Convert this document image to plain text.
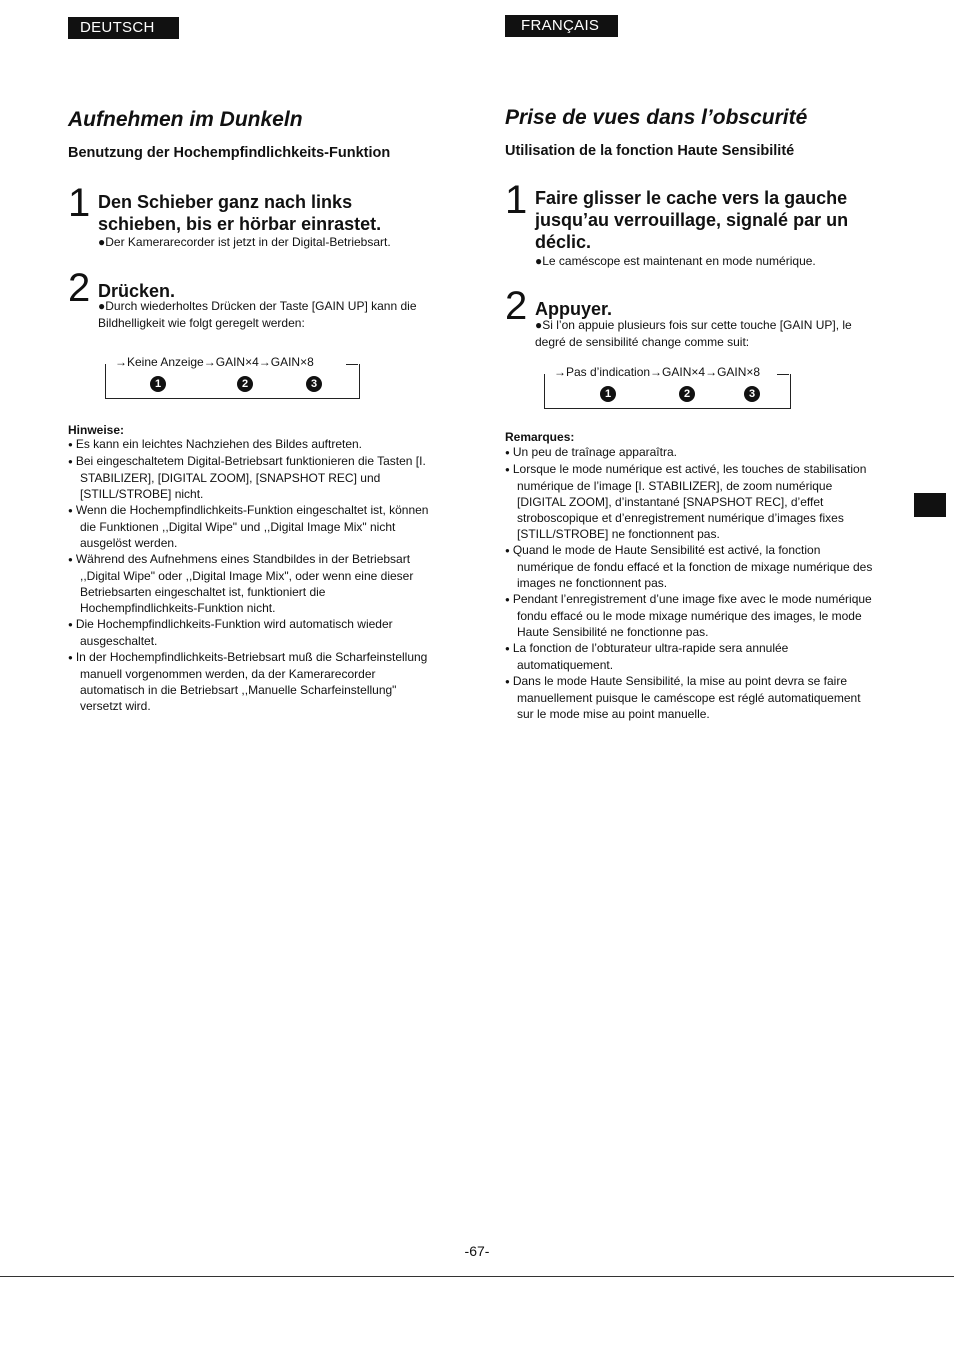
DEUTSCH
Aufnehmen im Dunkeln
Benutzung der Hochempfindlichkeits-Funktion
1 Den Schieber ganz nach links schieben, bis er hörbar einrastet.
●Der Kamerarecorder ist jetzt in der Digital-Betriebsart.
2 Drücken.
●Durch wiederholtes Drücken der Taste [GAIN UP] kann die Bildhelligkeit wie folgt geregelt werden:
→Keine Anzeige→GAIN×4→GAIN×8
1	2	3
Hinweise:
● Es kann ein leichtes Nachziehen des Bildes auftreten.
● Bei eingeschaltetem Digital-Betriebsart funktionieren die Tasten [I. STABILIZER], [DIGITAL ZOOM], [SNAPSHOT REC] und [STILL/STROBE] nicht.
● Wenn die Hochempfindlichkeits-Funktion eingeschaltet ist, können die Funktionen ,,Digital Wipe" und ,,Digital Image Mix" nicht ausgelöst werden.
● Während des Aufnehmens eines Standbildes in der Betriebsart ,,Digital Wipe" oder ,,Digital Image Mix", oder wenn eine dieser Betriebsarten eingeschaltet ist, funktioniert die Hochempfindlichkeits-Funktion nicht.
● Die Hochempfindlichkeits-Funktion wird automatisch wieder ausgeschaltet.
● In der Hochempfindlichkeits-Betriebsart muß die Scharfeinstellung manuell vorgenommen werden, da der Kamerarecorder automatisch in die Betriebsart ,,Manuelle Scharfeinstellung" versetzt wird.
FRANÇAIS
Prise de vues dans l’obscurité
Utilisation de la fonction Haute Sensibilité
1 Faire glisser le cache vers la gauche jusqu’au verrouillage, signalé par un déclic.
●Le caméscope est maintenant en mode numérique.
2 Appuyer.
●Si l’on appuie plusieurs fois sur cette touche [GAIN UP], le degré de sensibilité change comme suit:
→Pas d’indication→GAIN×4→GAIN×8
1	2	3
Remarques:
● Un peu de traînage apparaîtra.
● Lorsque le mode numérique est activé, les touches de stabilisation numérique de l’image [I. STABILIZER], de zoom numérique [DIGITAL ZOOM], d’instantané [SNAPSHOT REC], d’effet stroboscopique et d’enregistrement numérique d’images fixes [STILL/STROBE] ne fonctionnent pas.
● Quand le mode de Haute Sensibilité est activé, la fonction numérique de fondu effacé et la fonction de mixage numérique des images ne fonctionnent pas.
● Pendant l’enregistrement d’une image fixe avec le mode numérique fondu effacé ou le mode mixage numérique des images, le mode Haute Sensibilité ne fonctionne pas.
● La fonction de l’obturateur ultra-rapide sera annulée automatiquement.
● Dans le mode Haute Sensibilité, la mise au point devra se faire manuellement puisque le caméscope est réglé automatiquement sur le mode mise au point manuelle.
-67-
